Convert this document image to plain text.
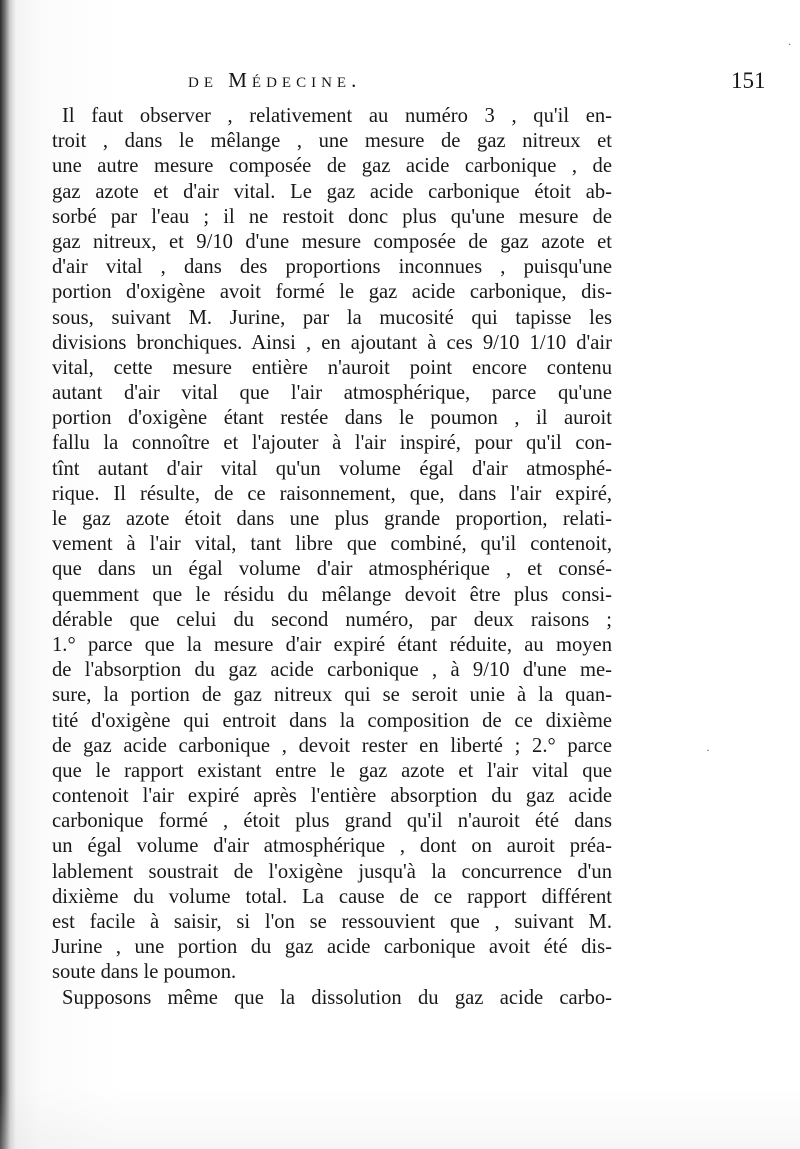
de Médecine.	151
Il faut observer , relativement au numéro 3 , qu'il en-
troit , dans le mêlange , une mesure de gaz nitreux et
une autre mesure composée de gaz acide carbonique , de
gaz azote et d'air vital. Le gaz acide carbonique étoit ab-
sorbé par l'eau ; il ne restoit donc plus qu'une mesure de
gaz nitreux, et 9/10 d'une mesure composée de gaz azote et
d'air vital , dans des proportions inconnues , puisqu'une
portion d'oxigène avoit formé le gaz acide carbonique, dis-
sous, suivant M. Jurine, par la mucosité qui tapisse les
divisions bronchiques. Ainsi , en ajoutant à ces 9/10 1/10 d'air
vital, cette mesure entière n'auroit point encore contenu
autant d'air vital que l'air atmosphérique, parce qu'une
portion d'oxigène étant restée dans le poumon , il auroit
fallu la connoître et l'ajouter à l'air inspiré, pour qu'il con-
tînt autant d'air vital qu'un volume égal d'air atmosphé-
rique. Il résulte, de ce raisonnement, que, dans l'air expiré,
le gaz azote étoit dans une plus grande proportion, relati-
vement à l'air vital, tant libre que combiné, qu'il contenoit,
que dans un égal volume d'air atmosphérique , et consé-
quemment que le résidu du mêlange devoit être plus consi-
dérable que celui du second numéro, par deux raisons ;
1.° parce que la mesure d'air expiré étant réduite, au moyen
de l'absorption du gaz acide carbonique , à 9/10 d'une me-
sure, la portion de gaz nitreux qui se seroit unie à la quan-
tité d'oxigène qui entroit dans la composition de ce dixième
de gaz acide carbonique , devoit rester en liberté ; 2.° parce
que le rapport existant entre le gaz azote et l'air vital que
contenoit l'air expiré après l'entière absorption du gaz acide
carbonique formé , étoit plus grand qu'il n'auroit été dans
un égal volume d'air atmosphérique , dont on auroit préa-
lablement soustrait de l'oxigène jusqu'à la concurrence d'un
dixième du volume total. La cause de ce rapport différent
est facile à saisir, si l'on se ressouvient que , suivant M.
Jurine , une portion du gaz acide carbonique avoit été dis-
soute dans le poumon.
Supposons même que la dissolution du gaz acide carbo-
·
·
